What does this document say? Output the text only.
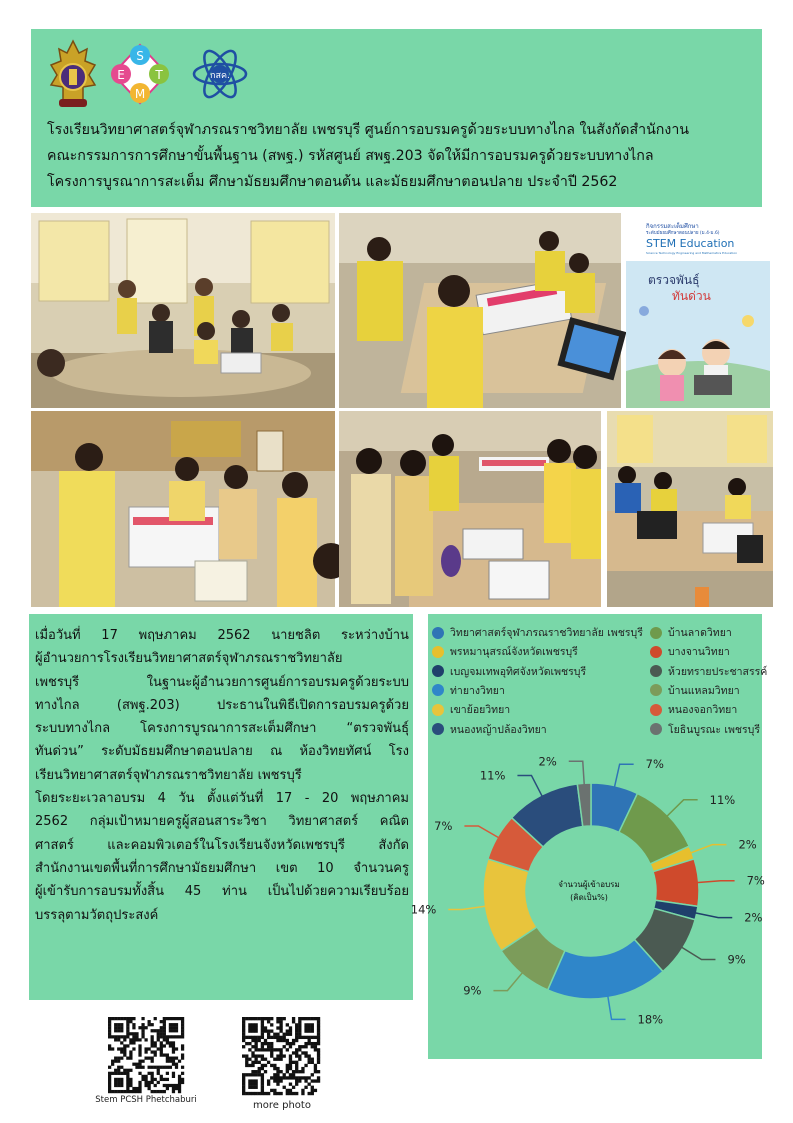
S
T
M
E	กสค.
โรงเรียนวิทยาศาสตร์จุฬาภรณราชวิทยาลัย เพชรบุรี ศูนย์การอบรมครูด้วยระบบทางไกล ในสังกัดสำนักงาน
คณะกรรมการการศึกษาขั้นพื้นฐาน (สพฐ.) รหัสศูนย์ สพฐ.203 จัดให้มีการอบรมครูด้วยระบบทางไกล
โครงการบูรณาการสะเต็ม ศึกษามัธยมศึกษาตอนต้น และมัธยมศึกษาตอนปลาย ประจำปี 2562
กิจกรรมสะเต็มศึกษา
ระดับมัธยมศึกษาตอนปลาย (ม.4-ม.6)
STEM Education
Science Technology Engineering and Mathematics Education
ตรวจพันธุ์
ทันด่วน
เมื่อวันที่ 17 พฤษภาคม 2562 นายชลิต ระหว่างบ้าน
ผู้อำนวยการโรงเรียนวิทยาศาสตร์จุฬาภรณราชวิทยาลัย
เพชรบุรี	ในฐานะผู้อำนวยการศูนย์การอบรมครูด้วยระบบ
ทางไกล	(สพฐ.203)	ประธานในพิธีเปิดการอบรมครูด้วย
ระบบทางไกล โครงการบูรณาการสะเต็มศึกษา “ตรวจพันธุ์
ทันด่วน” ระดับมัธยมศึกษาตอนปลาย ณ ห้องวิทยทัศน์ โรง
เรียนวิทยาศาสตร์จุฬาภรณราชวิทยาลัย เพชรบุรี
โดยระยะเวลาอบรม 4 วัน ตั้งแต่วันที่ 17 - 20 พฤษภาคม
2562 กลุ่มเป้าหมายครูผู้สอนสาระวิชา วิทยาศาสตร์ คณิต
ศาสตร์	และคอมพิวเตอร์ในโรงเรียนจังหวัดเพชรบุรี	สังกัด
สำนักงานเขตพื้นที่การศึกษามัธยมศึกษา เขต 10 จำนวนครู
ผู้เข้ารับการอบรมทั้งสิ้น 45 ท่าน เป็นไปด้วยความเรียบร้อย
บรรลุตามวัตถุประสงค์
วิทยาศาสตร์จุฬาภรณราชวิทยาลัย เพชรบุรี บ้านลาดวิทยา
พรหมานุสรณ์จังหวัดเพชรบุรี	บางจานวิทยา
เบญจมเทพอุทิศจังหวัดเพชรบุรี	ห้วยทรายประชาสรรค์
ท่ายางวิทยา	บ้านแหลมวิทยา
เขาย้อยวิทยา	หนองจอกวิทยา
หนองหญ้าปล้องวิทยา	โยธินบูรณะ เพชรบุรี
7%
11%
2%
7%
2%
9%
18%
9%
14%
7%
11%
2%
จำนวนผู้เข้าอบรม
(คิดเป็น%)
Stem PCSH Phetchaburi	more photo
